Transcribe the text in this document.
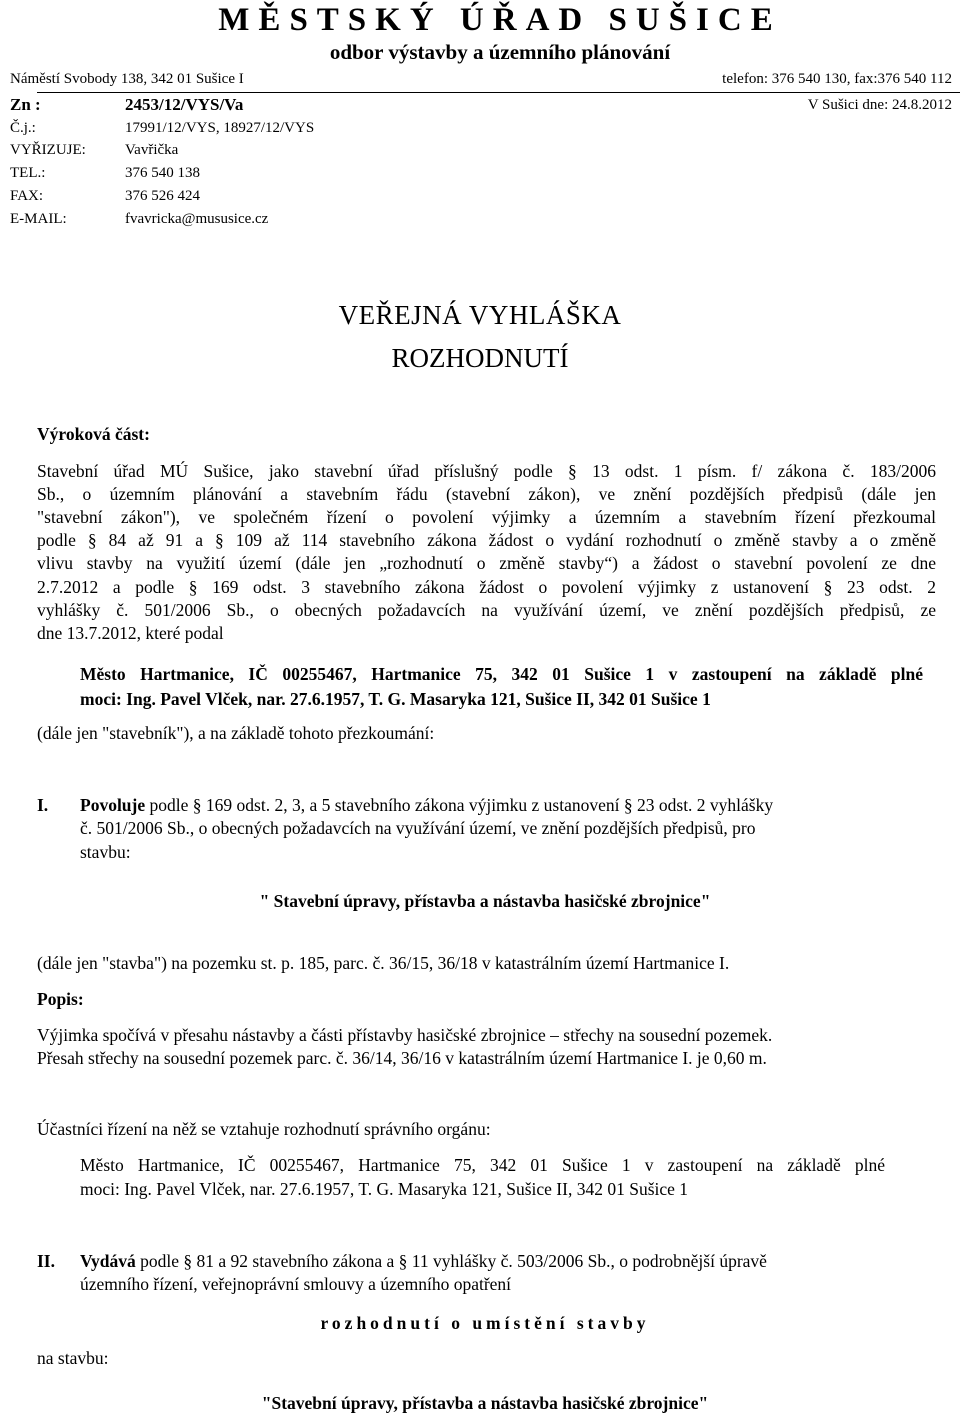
MĚSTSKÝ ÚŘAD SUŠICE
odbor výstavby a územního plánování
Náměstí Svobody 138, 342 01 Sušice I	telefon: 376 540 130, fax:376 540 112
Zn :	2453/12/VYS/Va	V Sušici dne: 24.8.2012
Č.j.:	17991/12/VYS, 18927/12/VYS
VYŘIZUJE:	Vavřička
TEL.:	376 540 138
FAX:	376 526 424
E-MAIL:	fvavricka@mususice.cz
VEŘEJNÁ VYHLÁŠKA
ROZHODNUTÍ
Výroková část:
Stavební úřad MÚ Sušice, jako stavební úřad příslušný podle § 13 odst. 1 písm. f/ zákona č. 183/2006
Sb., o územním plánování a stavebním řádu (stavební zákon), ve znění pozdějších předpisů (dále jen
"stavební zákon"), ve společném řízení o povolení výjimky a územním a stavebním řízení přezkoumal
podle § 84 až 91 a § 109 až 114 stavebního zákona žádost o vydání rozhodnutí o změně stavby a o změně
vlivu stavby na využití území (dále jen „rozhodnutí o změně stavby“) a žádost o stavební povolení ze dne
2.7.2012 a podle § 169 odst. 3 stavebního zákona žádost o povolení výjimky z ustanovení § 23 odst. 2
vyhlášky č. 501/2006 Sb., o obecných požadavcích na využívání území, ve znění pozdějších předpisů, ze
dne 13.7.2012, které podal
Město Hartmanice, IČ 00255467, Hartmanice 75, 342 01 Sušice 1 v zastoupení na základě plné
moci: Ing. Pavel Vlček, nar. 27.6.1957, T. G. Masaryka 121, Sušice II, 342 01 Sušice 1
(dále jen "stavebník"), a na základě tohoto přezkoumání:
I. Povoluje podle § 169 odst. 2, 3, a 5 stavebního zákona výjimku z ustanovení § 23 odst. 2 vyhlášky
č. 501/2006 Sb., o obecných požadavcích na využívání území, ve znění pozdějších předpisů, pro
stavbu:
" Stavební úpravy, přístavba a nástavba hasičské zbrojnice"
(dále jen "stavba") na pozemku st. p. 185, parc. č. 36/15, 36/18 v katastrálním území Hartmanice I.
Popis:
Výjimka spočívá v přesahu nástavby a části přístavby hasičské zbrojnice – střechy na sousední pozemek.
Přesah střechy na sousední pozemek parc. č. 36/14, 36/16 v katastrálním území Hartmanice I. je 0,60 m.
Účastníci řízení na něž se vztahuje rozhodnutí správního orgánu:
Město Hartmanice, IČ 00255467, Hartmanice 75, 342 01 Sušice 1 v zastoupení na základě plné
moci: Ing. Pavel Vlček, nar. 27.6.1957, T. G. Masaryka 121, Sušice II, 342 01 Sušice 1
II. Vydává podle § 81 a 92 stavebního zákona a § 11 vyhlášky č. 503/2006 Sb., o podrobnější úpravě
územního řízení, veřejnoprávní smlouvy a územního opatření
rozhodnutí o umístění stavby
na stavbu:
"Stavební úpravy, přístavba a nástavba hasičské zbrojnice"
